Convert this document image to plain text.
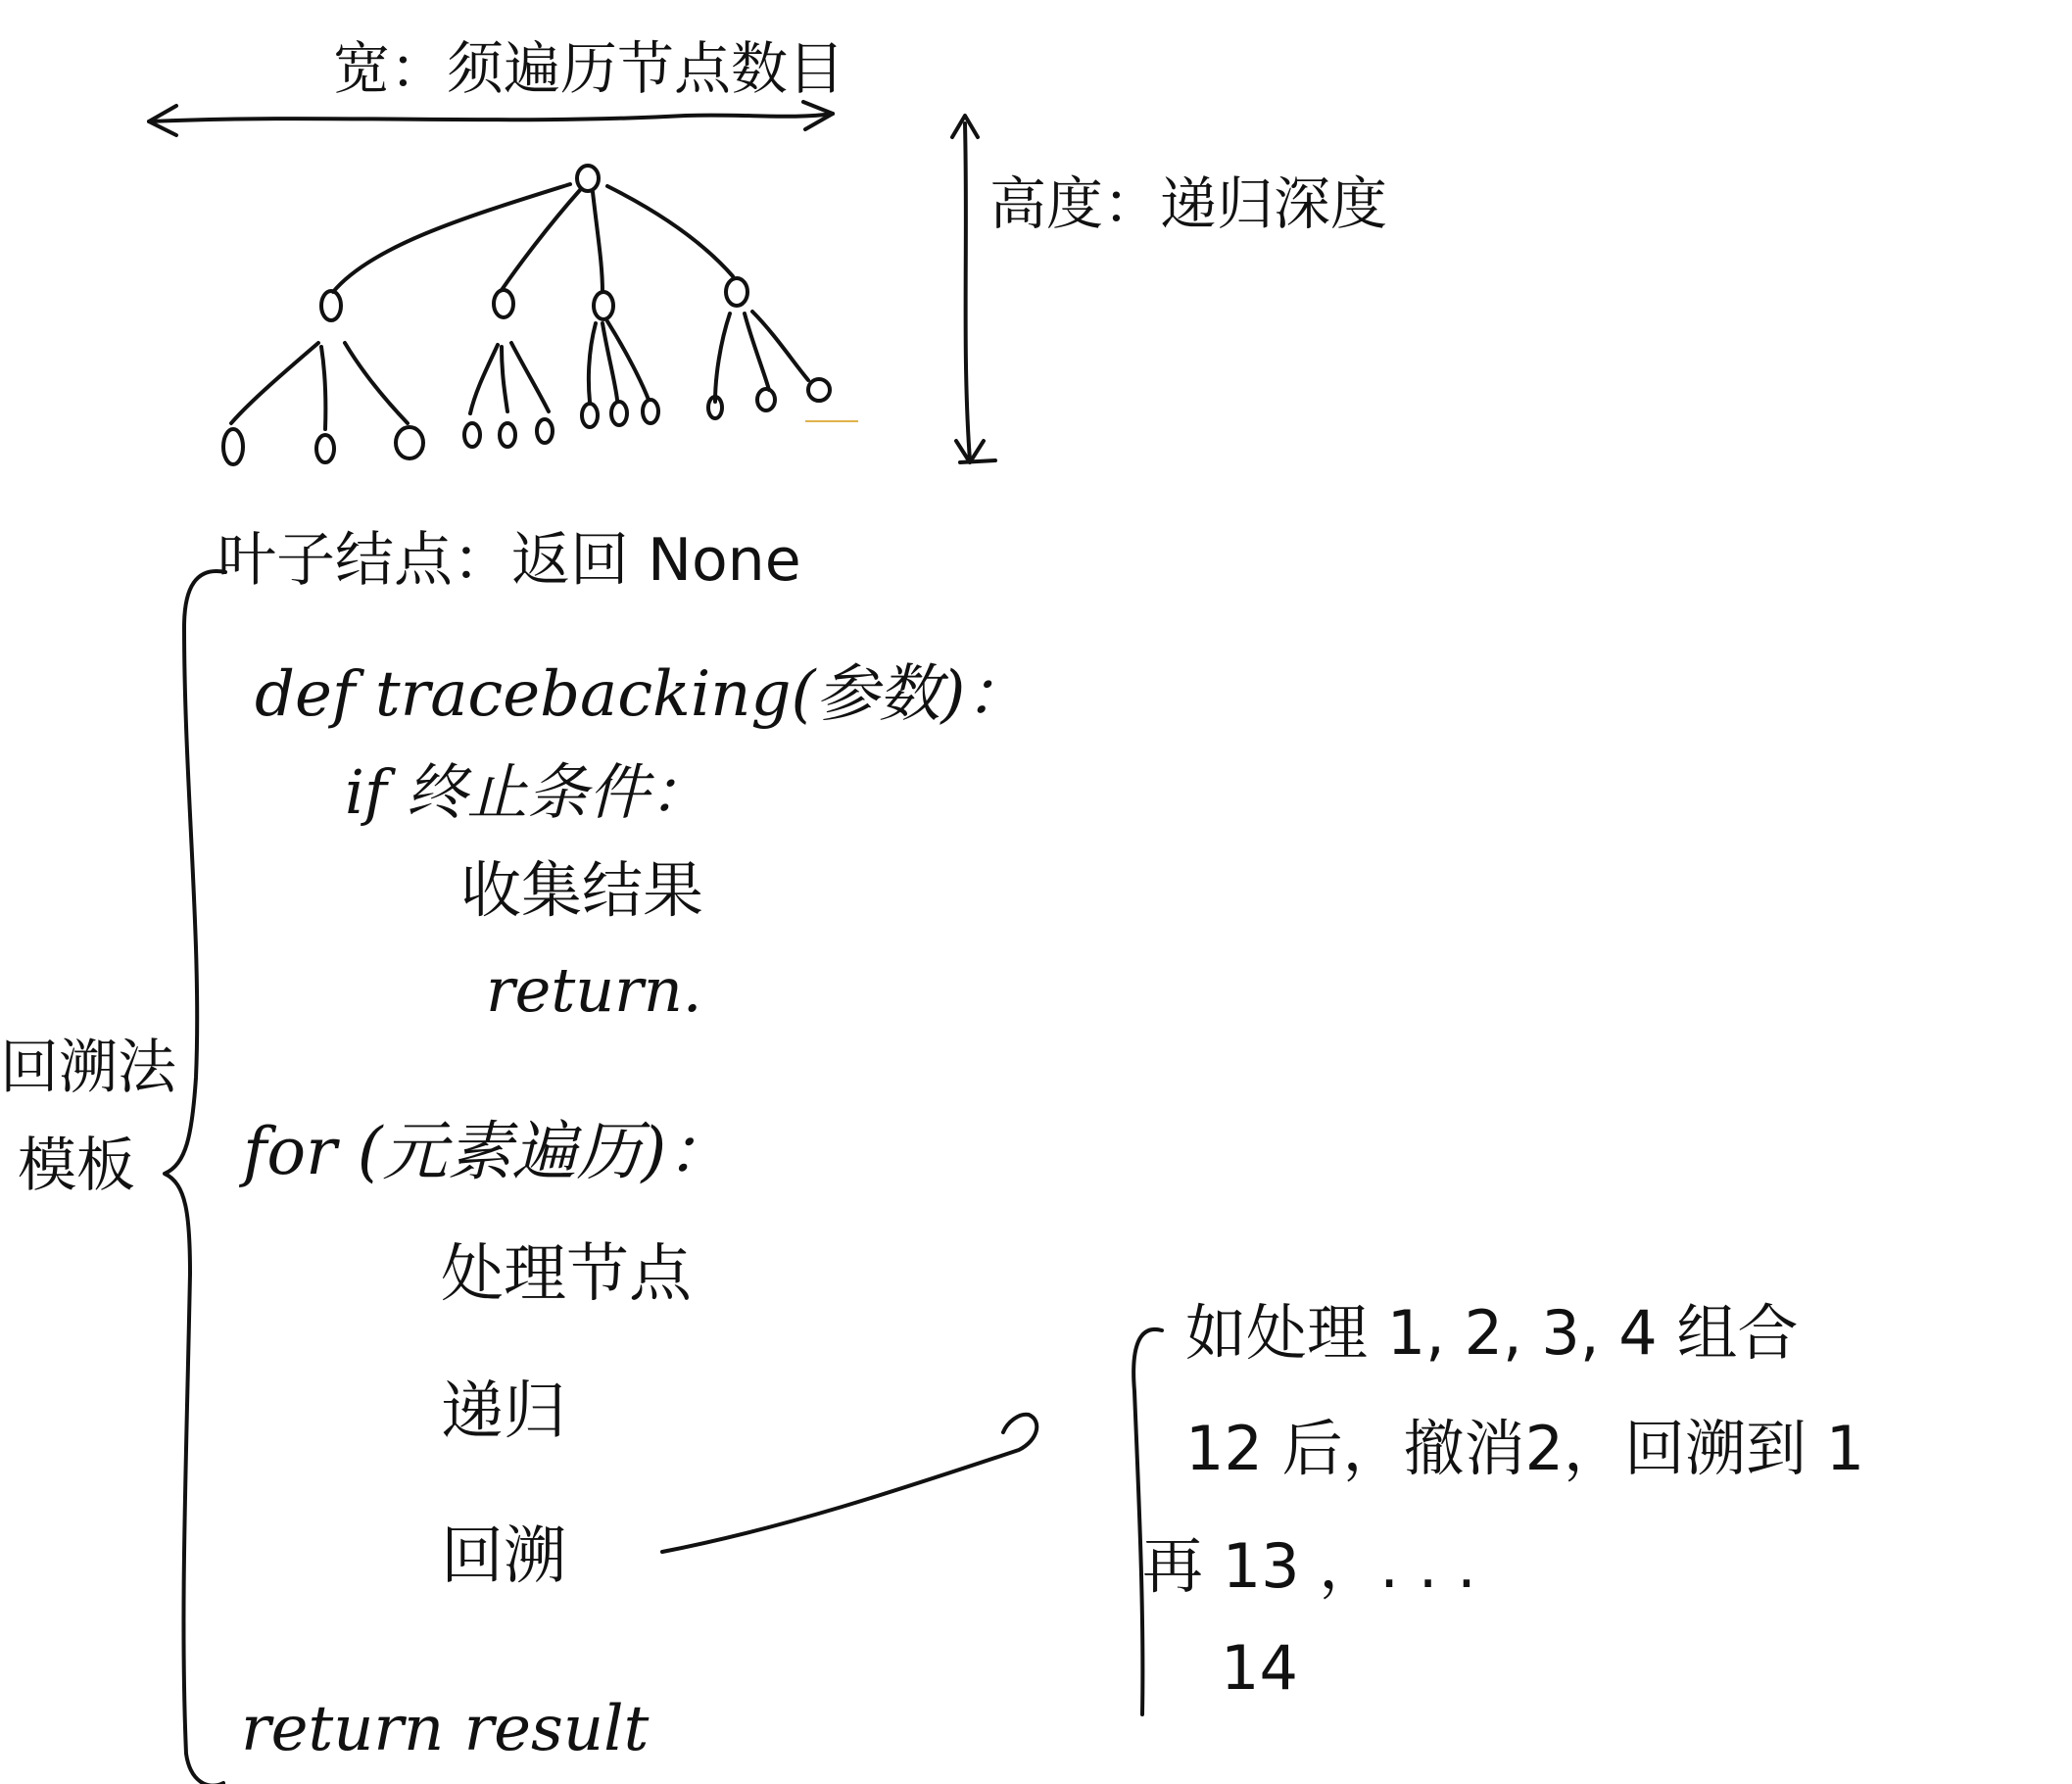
宽：须遍历节点数目
高度：递归深度
叶子结点：返回 None
回溯法
模板
def tracebacking(参数)：
if 终止条件：
收集结果
return.
for (元素遍历)：
处理节点
递归
回溯
return result
如处理 1, 2, 3, 4 组合
12 后，撤消2，回溯到 1
再 13 ，. . .
14
